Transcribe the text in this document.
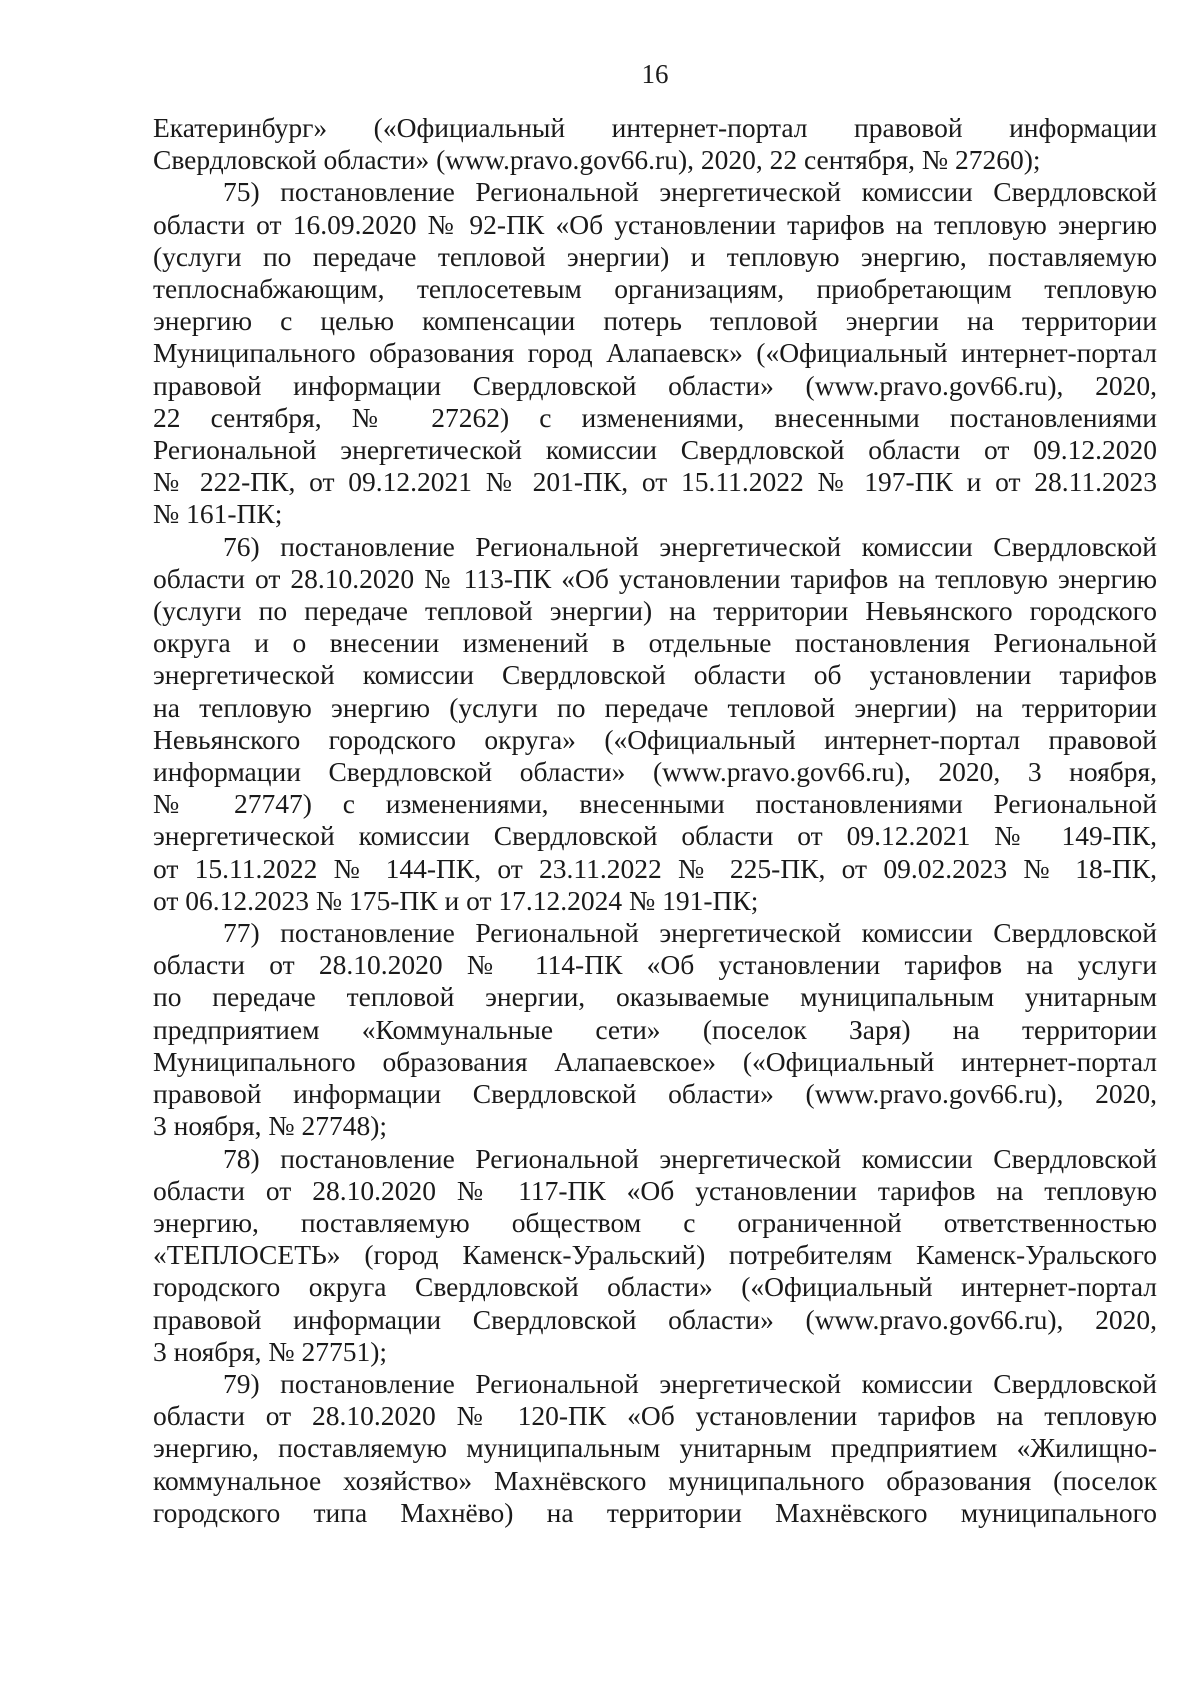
16

Екатеринбург» («Официальный интернет-портал правовой информации

Свердловской области» (www.pravo.gov66.ru), 2020, 22 сентября, № 27260);

75) постановление Региональной энергетической комиссии Свердловской

области от 16.09.2020 № 92-ПК «Об установлении тарифов на тепловую энергию

(услуги по передаче тепловой энергии) и тепловую энергию, поставляемую

теплоснабжающим, теплосетевым организациям, приобретающим тепловую

энергию с целью компенсации потерь тепловой энергии на территории

Муниципального образования город Алапаевск» («Официальный интернет-портал

правовой информации Свердловской области» (www.pravo.gov66.ru), 2020,

22 сентября, № 27262) с изменениями, внесенными постановлениями

Региональной энергетической комиссии Свердловской области от 09.12.2020

№ 222-ПК, от 09.12.2021 № 201-ПК, от 15.11.2022 № 197-ПК и от 28.11.2023

№ 161-ПК;

76) постановление Региональной энергетической комиссии Свердловской

области от 28.10.2020 № 113-ПК «Об установлении тарифов на тепловую энергию

(услуги по передаче тепловой энергии) на территории Невьянского городского

округа и о внесении изменений в отдельные постановления Региональной

энергетической комиссии Свердловской области об установлении тарифов

на тепловую энергию (услуги по передаче тепловой энергии) на территории

Невьянского городского округа» («Официальный интернет-портал правовой

информации Свердловской области» (www.pravo.gov66.ru), 2020, 3 ноября,

№ 27747) с изменениями, внесенными постановлениями Региональной

энергетической комиссии Свердловской области от 09.12.2021 № 149-ПК,

от 15.11.2022 № 144-ПК, от 23.11.2022 № 225-ПК, от 09.02.2023 № 18-ПК,

от 06.12.2023 № 175-ПК и от 17.12.2024 № 191-ПК;

77) постановление Региональной энергетической комиссии Свердловской

области от 28.10.2020 № 114-ПК «Об установлении тарифов на услуги

по передаче тепловой энергии, оказываемые муниципальным унитарным

предприятием «Коммунальные сети» (поселок Заря) на территории

Муниципального образования Алапаевское» («Официальный интернет-портал

правовой информации Свердловской области» (www.pravo.gov66.ru), 2020,

3 ноября, № 27748);

78) постановление Региональной энергетической комиссии Свердловской

области от 28.10.2020 № 117-ПК «Об установлении тарифов на тепловую

энергию, поставляемую обществом с ограниченной ответственностью

«ТЕПЛОСЕТЬ» (город Каменск-Уральский) потребителям Каменск-Уральского

городского округа Свердловской области» («Официальный интернет-портал

правовой информации Свердловской области» (www.pravo.gov66.ru), 2020,

3 ноября, № 27751);

79) постановление Региональной энергетической комиссии Свердловской

области от 28.10.2020 № 120-ПК «Об установлении тарифов на тепловую

энергию, поставляемую муниципальным унитарным предприятием «Жилищно-

коммунальное хозяйство» Махнёвского муниципального образования (поселок

городского типа Махнёво) на территории Махнёвского муниципального
